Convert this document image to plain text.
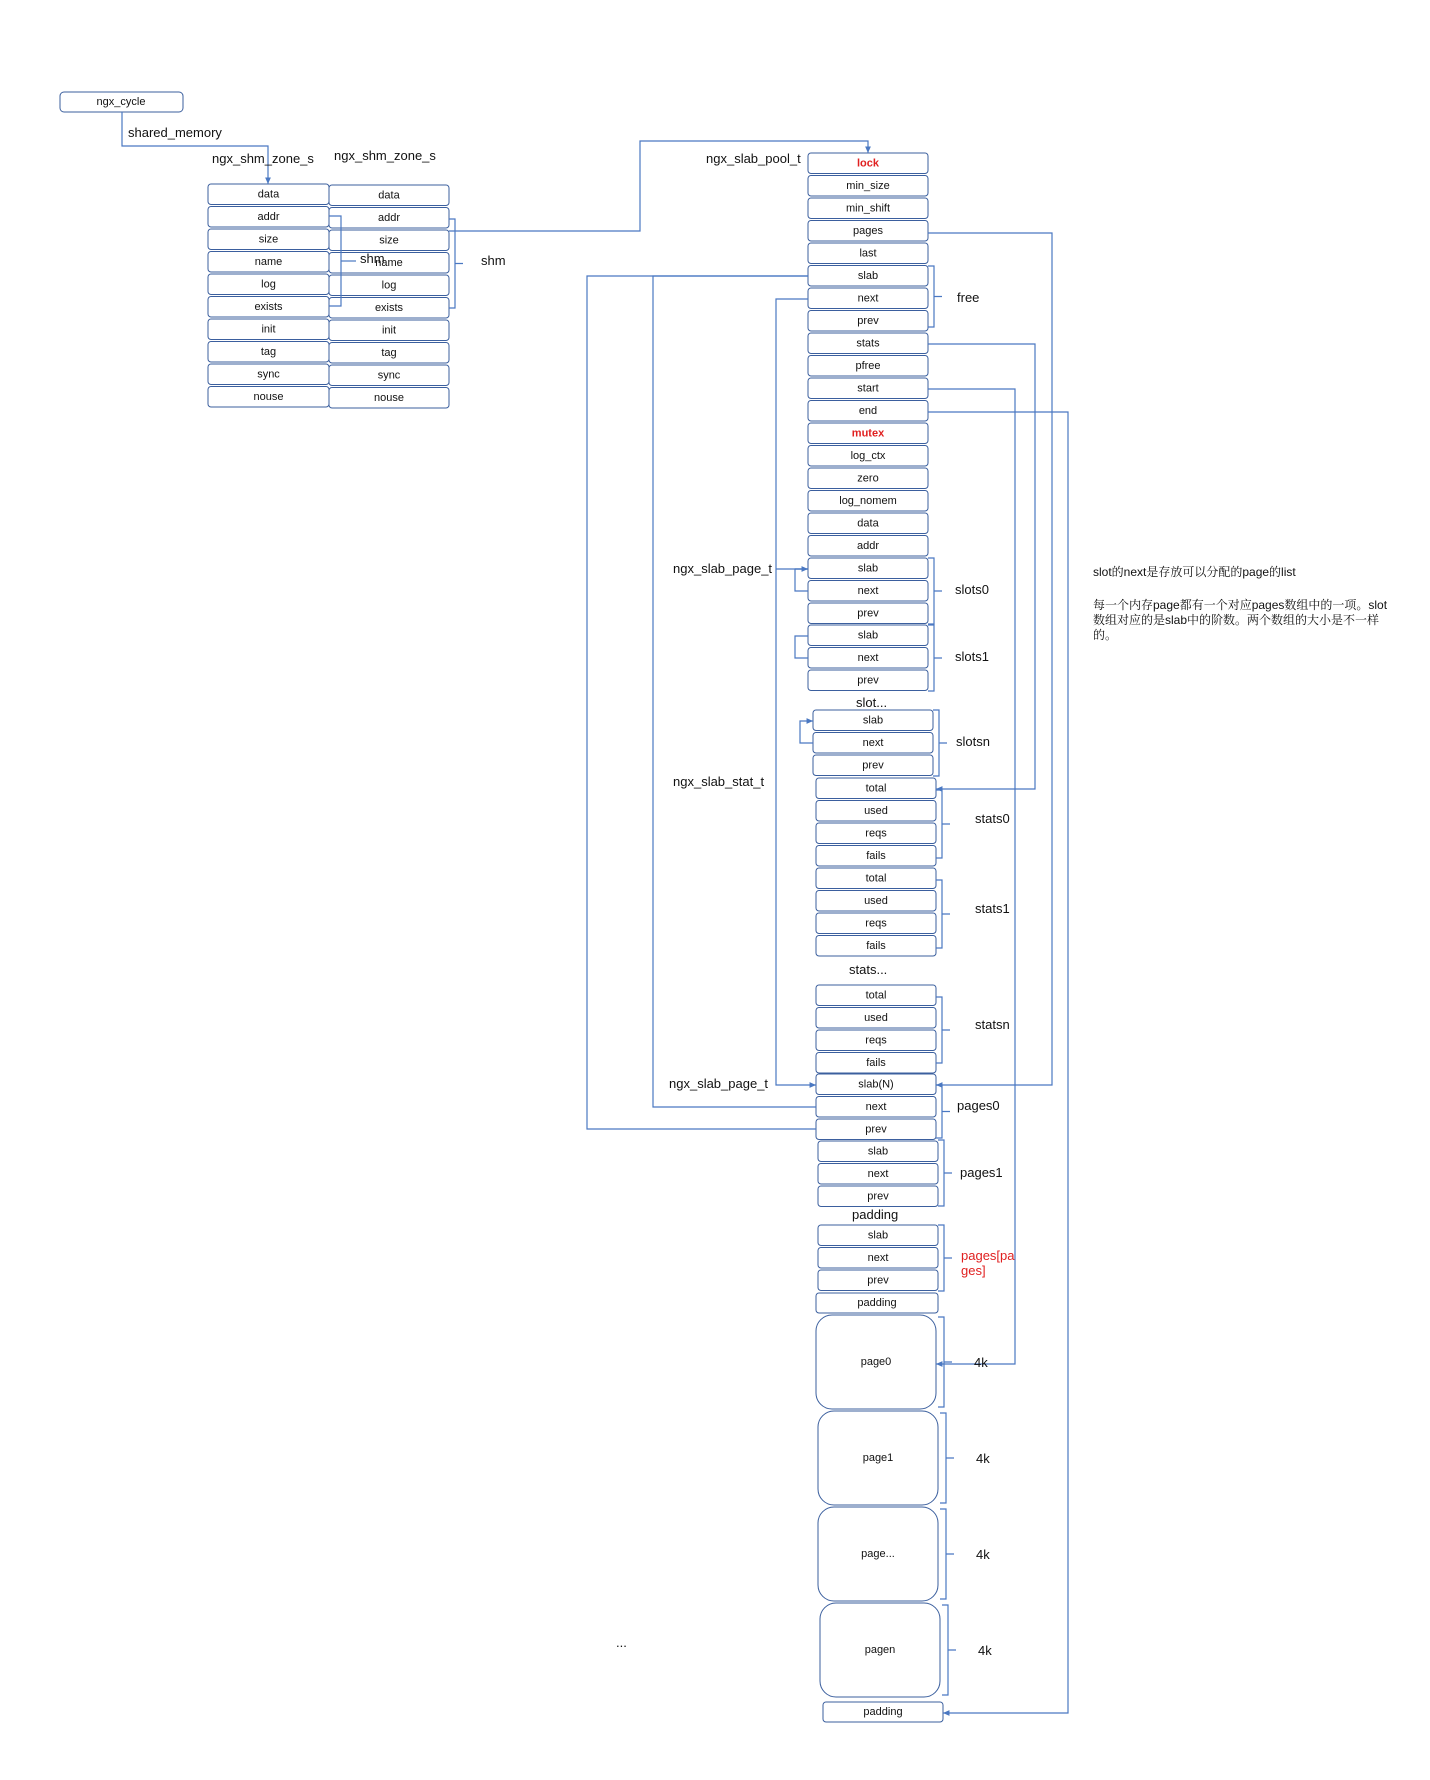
ngx_cycle
data
addr
size
name
log
exists
init
tag
sync
nouse
data
addr
size
name
log
exists
init
tag
sync
nouse
lock
min_size
min_shift
pages
last
slab
next
prev
stats
pfree
start
end
mutex
log_ctx
zero
log_nomem
data
addr
slab
next
prev
slab
next
prev
slab
next
prev
total
used
reqs
fails
total
used
reqs
fails
total
used
reqs
fails
slab(N)
next
prev
slab
next
prev
slab
next
prev
padding
page0
page1
page...
pagen
padding
shared_memory
ngx_shm_zone_s
shm
ngx_shm_zone_s
shm
ngx_slab_pool_t
free
ngx_slab_page_t
slots0
slots1
slot...
slotsn
ngx_slab_stat_t
stats0
stats1
stats...
statsn
ngx_slab_page_t
pages0
pages1
padding
pages[pa
ges]
4k
4k
4k
4k
...
slot的next是存放可以分配的page的list
每一个内存page都有一个对应pages数组中的一项。slot数组对应的是slab中的阶数。两个数组的大小是不一样的。
